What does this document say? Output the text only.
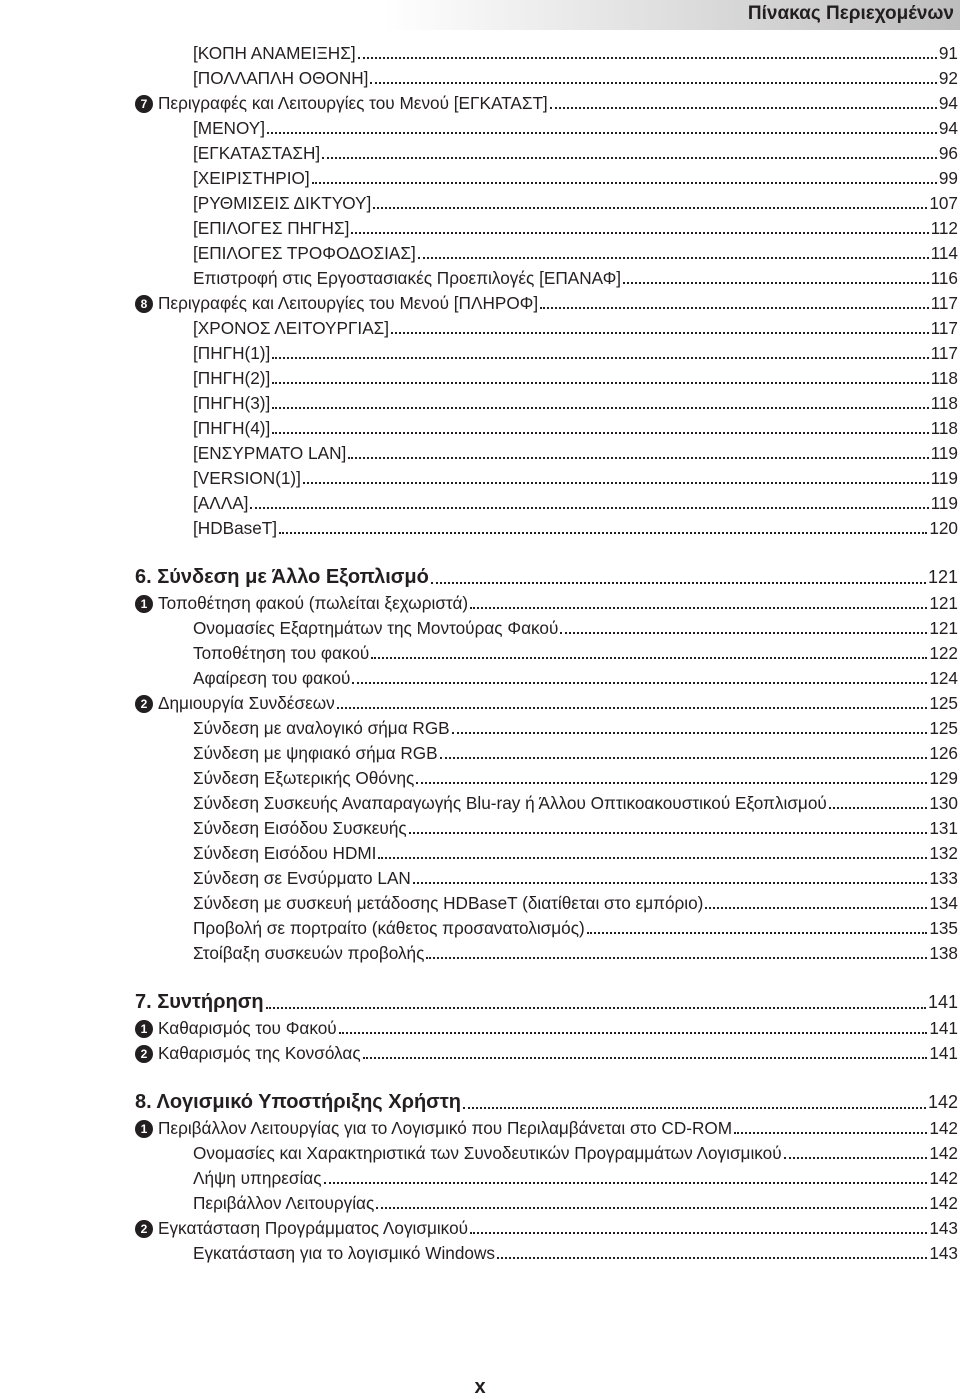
Πίνακας Περιεχομένων
[ΚΟΠΗ ΑΝΑΜΕΙΞΗΣ]	91
[ΠΟΛΛΑΠΛΗ ΟΘΟΝΗ]	92
7 Περιγραφές και Λειτουργίες του Μενού [ΕΓΚΑΤΑΣΤ]	94
[ΜΕΝΟΥ]	94
[ΕΓΚΑΤΑΣΤΑΣΗ]	96
[ΧΕΙΡΙΣΤΗΡΙΟ]	99
[ΡΥΘΜΙΣΕΙΣ ΔΙΚΤΥΟΥ]	107
[ΕΠΙΛΟΓΕΣ ΠΗΓΗΣ]	112
[ΕΠΙΛΟΓΕΣ ΤΡΟΦΟΔΟΣΙΑΣ]	114
Επιστροφή στις Εργοστασιακές Προεπιλογές [ΕΠΑΝΑΦ]	116
8 Περιγραφές και Λειτουργίες του Μενού [ΠΛΗΡΟΦ]	117
[ΧΡΟΝΟΣ ΛΕΙΤΟΥΡΓΙΑΣ]	117
[ΠΗΓΗ(1)]	117
[ΠΗΓΗ(2)]	118
[ΠΗΓΗ(3)]	118
[ΠΗΓΗ(4)]	118
[ΕΝΣΥΡΜΑΤΟ LAN]	119
[VERSION(1)]	119
[ΑΛΛΑ]	119
[HDBaseT]	120
6. Σύνδεση με Άλλο Εξοπλισμό	121
1 Τοποθέτηση φακού (πωλείται ξεχωριστά)	121
Ονομασίες Εξαρτημάτων της Μοντούρας Φακού	121
Τοποθέτηση του φακού	122
Αφαίρεση του φακού	124
2 Δημιουργία Συνδέσεων	125
Σύνδεση με αναλογικό σήμα RGB	125
Σύνδεση με ψηφιακό σήμα RGB	126
Σύνδεση Εξωτερικής Οθόνης	129
Σύνδεση Συσκευής Αναπαραγωγής Blu-ray ή Άλλου Οπτικοακουστικού Εξοπλισμού	130
Σύνδεση Εισόδου Συσκευής	131
Σύνδεση Εισόδου HDMI	132
Σύνδεση σε Ενσύρματο LAN	133
Σύνδεση με συσκευή μετάδοσης HDBaseT (διατίθεται στο εμπόριο)	134
Προβολή σε πορτραίτο (κάθετος προσανατολισμός)	135
Στοίβαξη συσκευών προβολής	138
7. Συντήρηση	141
1 Καθαρισμός του Φακού	141
2 Καθαρισμός της Κονσόλας	141
8. Λογισμικό Υποστήριξης Χρήστη	142
1 Περιβάλλον Λειτουργίας για το Λογισμικό που Περιλαμβάνεται στο CD-ROM	142
Ονομασίες και Χαρακτηριστικά των Συνοδευτικών Προγραμμάτων Λογισμικού	142
Λήψη υπηρεσίας	142
Περιβάλλον Λειτουργίας	142
2 Εγκατάσταση Προγράμματος Λογισμικού	143
Εγκατάσταση για το λογισμικό Windows	143
x
